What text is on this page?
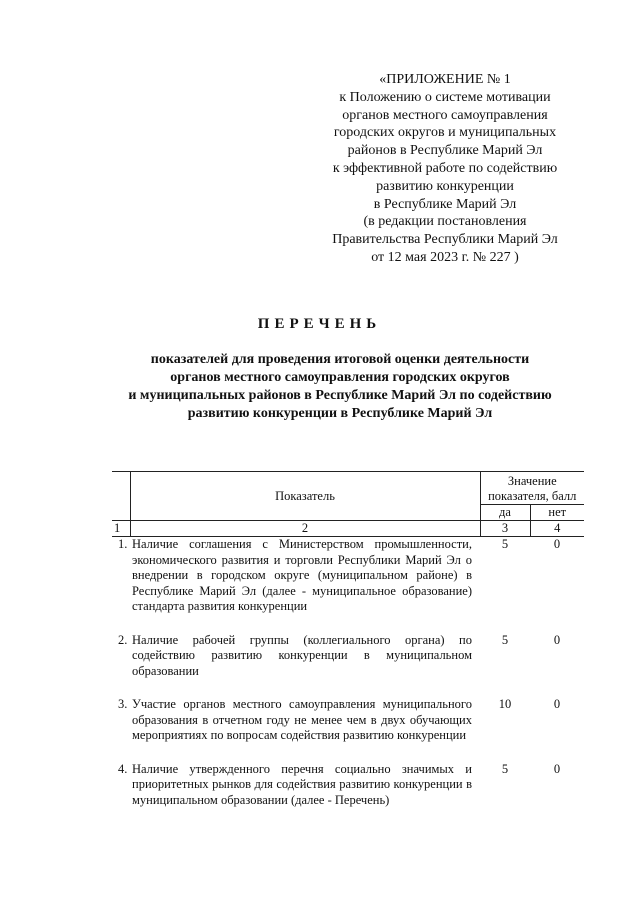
«ПРИЛОЖЕНИЕ № 1
к Положению о системе мотивации
органов местного самоуправления
городских округов и муниципальных
районов в Республике Марий Эл
к эффективной работе по содействию
развитию конкуренции
в Республике Марий Эл
(в редакции постановления
Правительства Республики Марий Эл
от 12 мая 2023 г. № 227 )
ПЕРЕЧЕНЬ
показателей для проведения итоговой оценки деятельности
органов местного самоуправления городских округов
и муниципальных районов в Республике Марий Эл по содействию
развитию конкуренции в Республике Марий Эл
	Показатель	Значение показателя, балл	
		да	нет
1	2	3	4
1.	Наличие соглашения с Министерством промышленности, экономического развития и торговли Республики Марий Эл о внедрении в городском округе (муниципальном районе) в Республике Марий Эл (далее - муниципальное образование) стандарта развития конкуренции	5	0

2.	Наличие рабочей группы (коллегиального органа) по содействию развитию конкуренции в муниципальном образовании	5	0

3.	Участие органов местного самоуправления муниципального образования в отчетном году не менее чем в двух обучающих мероприятиях по вопросам содействия развитию конкуренции	10	0

4.	Наличие утвержденного перечня социально значимых и приоритетных рынков для содействия развитию конкуренции в муниципальном образовании (далее - Перечень)	5	0
